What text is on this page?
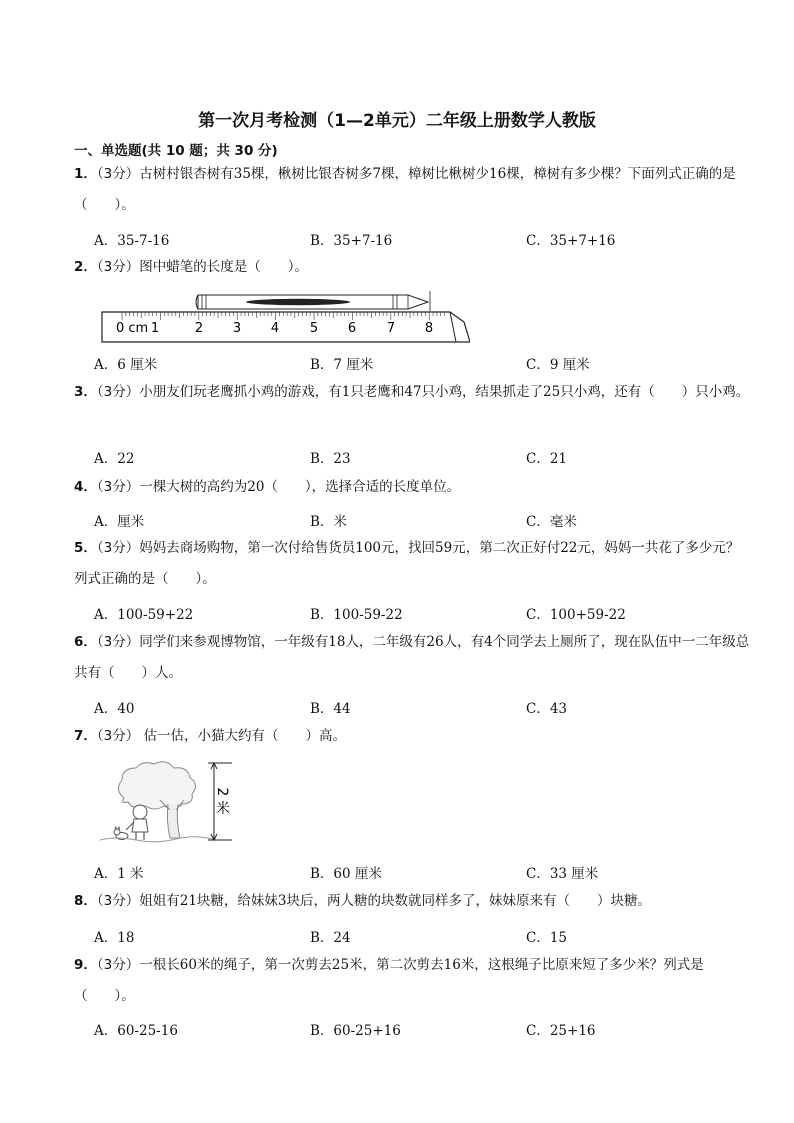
第一次月考检测（1—2单元）二年级上册数学人教版
一、单选题(共 10 题；共 30 分)
1．（3分）古树村银杏树有35棵，楸树比银杏树多7棵，樟树比楸树少16棵，樟树有多少棵？下面列式正确的是（　　）。
A．35-7-16	B．35+7-16	C．35+7+16
2．（3分）图中蜡笔的长度是（　　）。
0 cm 1	2 3 4 5 6 7 8
A．6 厘米	B．7 厘米	C．9 厘米
3．（3分）小朋友们玩老鹰抓小鸡的游戏，有1只老鹰和47只小鸡，结果抓走了25只小鸡，还有（　　）只小鸡。
A．22	B．23	C．21
4．（3分）一棵大树的高约为20（　　），选择合适的长度单位。
A．厘米	B．米	C．毫米
5．（3分）妈妈去商场购物，第一次付给售货员100元，找回59元，第二次正好付22元，妈妈一共花了多少元？ 列式正确的是（　　）。
A．100-59+22	B．100-59-22	C．100+59-22
6．（3分）同学们来参观博物馆，一年级有18人，二年级有26人，有4个同学去上厕所了，现在队伍中一二年级总共有（　　）人。
A．40	B．44	C．43
7．（3分） 估一估，小猫大约有（　　）高。
2 米
A．1 米	B．60 厘米	C．33 厘米
8．（3分）姐姐有21块糖，给妹妹3块后，两人糖的块数就同样多了，妹妹原来有（　　）块糖。
A．18	B．24	C．15
9．（3分）一根长60米的绳子，第一次剪去25米，第二次剪去16米，这根绳子比原来短了多少米？列式是（　　）。
A．60-25-16	B．60-25+16	C．25+16
